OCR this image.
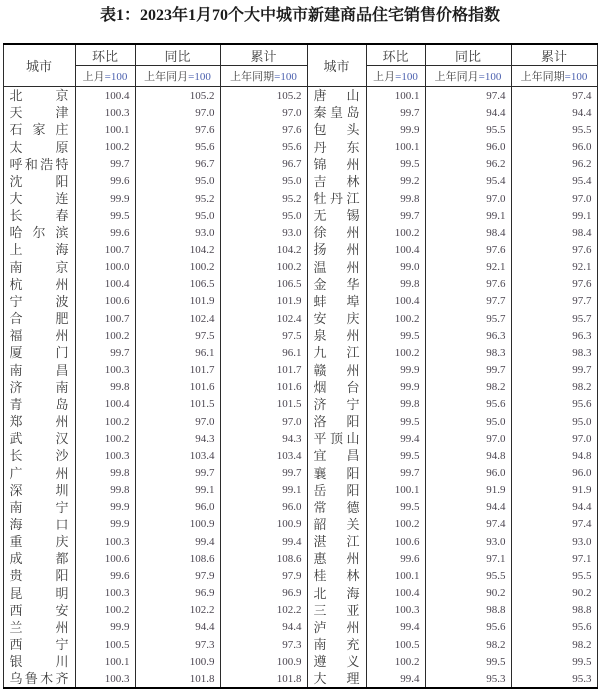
表1：2023年1月70个大中城市新建商品住宅销售价格指数
城市	环比	同比	累计	城市	环比	同比	累计
	上月=100	上年同月=100	上年同期=100		上月=100	上年同月=100	上年同期=100

北京	100.4	105.2	105.2	唐山	100.1	97.4	97.4

天津	100.3	97.0	97.0	秦皇岛	99.7	94.4	94.4

石家庄	100.1	97.6	97.6	包头	99.9	95.5	95.5

太原	100.2	95.6	95.6	丹东	100.1	96.0	96.0

呼和浩特	99.7	96.7	96.7	锦州	99.5	96.2	96.2

沈阳	99.6	95.0	95.0	吉林	99.2	95.4	95.4

大连	99.9	95.2	95.2	牡丹江	99.8	97.0	97.0

长春	99.5	95.0	95.0	无锡	99.7	99.1	99.1

哈尔滨	99.6	93.0	93.0	徐州	100.2	98.4	98.4

上海	100.7	104.2	104.2	扬州	100.4	97.6	97.6

南京	100.0	100.2	100.2	温州	99.0	92.1	92.1

杭州	100.4	106.5	106.5	金华	99.8	97.6	97.6

宁波	100.6	101.9	101.9	蚌埠	100.4	97.7	97.7

合肥	100.7	102.4	102.4	安庆	100.2	95.7	95.7

福州	100.2	97.5	97.5	泉州	99.5	96.3	96.3

厦门	99.7	96.1	96.1	九江	100.2	98.3	98.3

南昌	100.3	101.7	101.7	赣州	99.9	99.7	99.7

济南	99.8	101.6	101.6	烟台	99.9	98.2	98.2

青岛	100.4	101.5	101.5	济宁	99.8	95.6	95.6

郑州	100.2	97.0	97.0	洛阳	99.5	95.0	95.0

武汉	100.2	94.3	94.3	平顶山	99.4	97.0	97.0

长沙	100.3	103.4	103.4	宜昌	99.5	94.8	94.8

广州	99.8	99.7	99.7	襄阳	99.7	96.0	96.0

深圳	99.8	99.1	99.1	岳阳	100.1	91.9	91.9

南宁	99.9	96.0	96.0	常德	99.5	94.4	94.4

海口	99.9	100.9	100.9	韶关	100.2	97.4	97.4

重庆	100.3	99.4	99.4	湛江	100.6	93.0	93.0

成都	100.6	108.6	108.6	惠州	99.6	97.1	97.1

贵阳	99.6	97.9	97.9	桂林	100.1	95.5	95.5

昆明	100.3	96.9	96.9	北海	100.4	90.2	90.2

西安	100.2	102.2	102.2	三亚	100.3	98.8	98.8

兰州	99.9	94.4	94.4	泸州	99.4	95.6	95.6

西宁	100.5	97.3	97.3	南充	100.5	98.2	98.2

银川	100.1	100.9	100.9	遵义	100.2	99.5	99.5

乌鲁木齐	100.3	101.8	101.8	大理	99.4	95.3	95.3
